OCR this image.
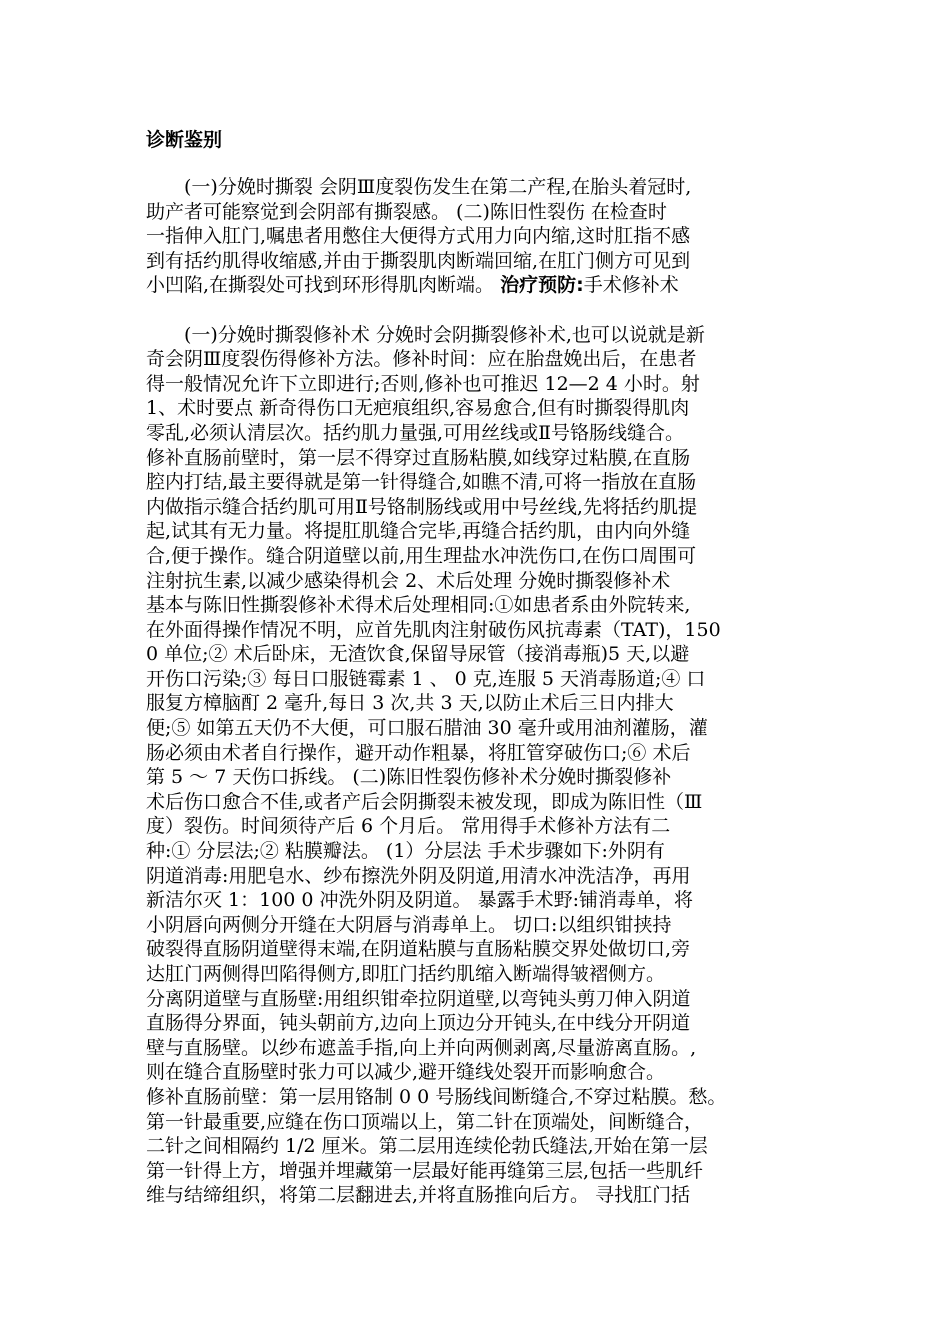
诊断鉴别
　　(一)分娩时撕裂 会阴Ⅲ度裂伤发生在第二产程,在胎头着冠时,
助产者可能察觉到会阴部有撕裂感。 (二)陈旧性裂伤 在检查时
一指伸入肛门,嘱患者用憋住大便得方式用力向内缩,这时肛指不感
到有括约肌得收缩感,并由于撕裂肌肉断端回缩,在肛门侧方可见到
小凹陷,在撕裂处可找到环形得肌肉断端。 治疗预防:手术修补术
　　(一)分娩时撕裂修补术 分娩时会阴撕裂修补术,也可以说就是新
奇会阴Ⅲ度裂伤得修补方法。修补时间：应在胎盘娩出后，在患者
得一般情况允许下立即进行;否则,修补也可推迟 12—2 4 小时。射
1、术时要点 新奇得伤口无疤痕组织,容易愈合,但有时撕裂得肌肉
零乱,必须认清层次。括约肌力量强,可用丝线或Ⅱ号铬肠线缝合。
修补直肠前壁时，第一层不得穿过直肠粘膜,如线穿过粘膜,在直肠
腔内打结,最主要得就是第一针得缝合,如瞧不清,可将一指放在直肠
内做指示缝合括约肌可用Ⅱ号铬制肠线或用中号丝线,先将括约肌提
起,试其有无力量。将提肛肌缝合完毕,再缝合括约肌，由内向外缝
合,便于操作。缝合阴道壁以前,用生理盐水冲洗伤口,在伤口周围可
注射抗生素,以减少感染得机会 2、术后处理 分娩时撕裂修补术
基本与陈旧性撕裂修补术得术后处理相同:①如患者系由外院转来,
在外面得操作情况不明，应首先肌肉注射破伤风抗毒素（TAT)，150
0 单位;② 术后卧床，无渣饮食,保留导尿管（接消毒瓶)5 天,以避
开伤口污染;③ 每日口服链霉素 1 、 0 克,连服 5 天消毒肠道;④ 口
服复方樟脑酊 2 毫升,每日 3 次,共 3 天,以防止术后三日内排大
便;⑤ 如第五天仍不大便，可口服石腊油 30 毫升或用油剂灌肠，灌
肠必须由术者自行操作，避开动作粗暴，将肛管穿破伤口;⑥ 术后
第 5 ～ 7 天伤口拆线。 (二)陈旧性裂伤修补术分娩时撕裂修补
术后伤口愈合不佳,或者产后会阴撕裂未被发现，即成为陈旧性（Ⅲ
度）裂伤。时间须待产后 6 个月后。 常用得手术修补方法有二
种:① 分层法;② 粘膜瓣法。 (1）分层法 手术步骤如下:外阴有
阴道消毒:用肥皂水、纱布擦洗外阴及阴道,用清水冲洗洁净，再用
新洁尔灭 1：100 0 冲洗外阴及阴道。 暴露手术野:铺消毒单，将
小阴唇向两侧分开缝在大阴唇与消毒单上。 切口:以组织钳挟持
破裂得直肠阴道壁得末端,在阴道粘膜与直肠粘膜交界处做切口,旁
达肛门两侧得凹陷得侧方,即肛门括约肌缩入断端得皱褶侧方。
分离阴道壁与直肠壁:用组织钳牵拉阴道壁,以弯钝头剪刀伸入阴道
直肠得分界面，钝头朝前方,边向上顶边分开钝头,在中线分开阴道
壁与直肠壁。以纱布遮盖手指,向上并向两侧剥离,尽量游离直肠。,
则在缝合直肠壁时张力可以减少,避开缝线处裂开而影响愈合。
修补直肠前壁：第一层用铬制 0 0 号肠线间断缝合,不穿过粘膜。愁。
第一针最重要,应缝在伤口顶端以上，第二针在顶端处，间断缝合，
二针之间相隔约 1/2 厘米。第二层用连续伦勃氏缝法,开始在第一层
第一针得上方，增强并埋藏第一层最好能再缝第三层,包括一些肌纤
维与结缔组织，将第二层翻进去,并将直肠推向后方。 寻找肛门括
